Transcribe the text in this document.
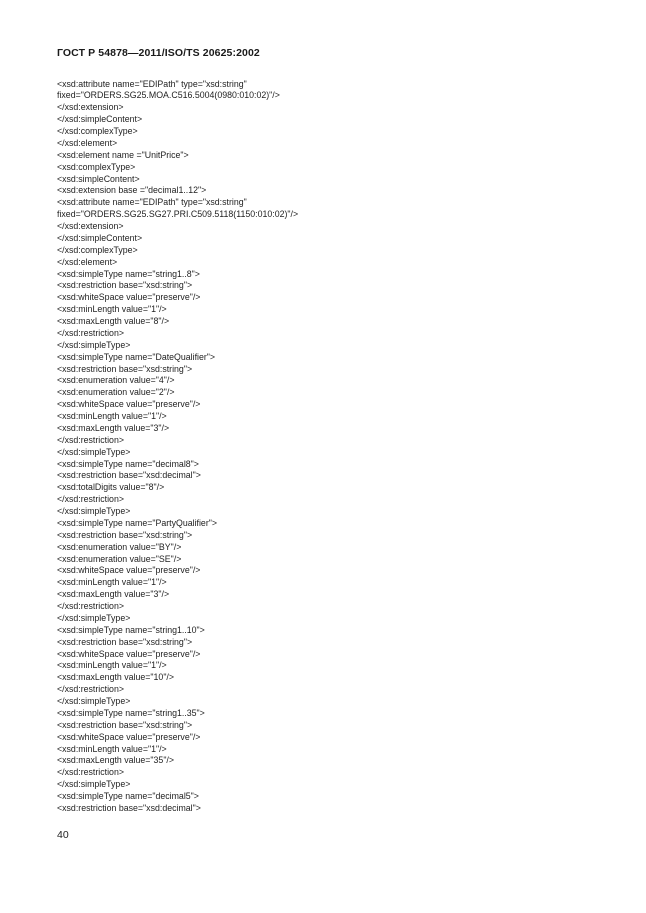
ГОСТ Р 54878—2011/ISO/TS 20625:2002
<xsd:attribute name="EDIPath" type="xsd:string"
fixed="ORDERS.SG25.MOA.C516.5004(0980:010:02)"/>
</xsd:extension>
</xsd:simpleContent>
</xsd:complexType>
</xsd:element>
<xsd:element name ="UnitPrice">
<xsd:complexType>
<xsd:simpleContent>
<xsd:extension base ="decimal1..12">
<xsd:attribute name="EDIPath" type="xsd:string"
fixed="ORDERS.SG25.SG27.PRI.C509.5118(1150:010:02)"/>
</xsd:extension>
</xsd:simpleContent>
</xsd:complexType>
</xsd:element>
<xsd:simpleType name="string1..8">
<xsd:restriction base="xsd:string">
<xsd:whiteSpace value="preserve"/>
<xsd:minLength value="1"/>
<xsd:maxLength value="8"/>
</xsd:restriction>
</xsd:simpleType>
<xsd:simpleType name="DateQualifier">
<xsd:restriction base="xsd:string">
<xsd:enumeration value="4"/>
<xsd:enumeration value="2"/>
<xsd:whiteSpace value="preserve"/>
<xsd:minLength value="1"/>
<xsd:maxLength value="3"/>
</xsd:restriction>
</xsd:simpleType>
<xsd:simpleType name="decimal8">
<xsd:restriction base="xsd:decimal">
<xsd:totalDigits value="8"/>
</xsd:restriction>
</xsd:simpleType>
<xsd:simpleType name="PartyQualifier">
<xsd:restriction base="xsd:string">
<xsd:enumeration value="BY"/>
<xsd:enumeration value="SE"/>
<xsd:whiteSpace value="preserve"/>
<xsd:minLength value="1"/>
<xsd:maxLength value="3"/>
</xsd:restriction>
</xsd:simpleType>
<xsd:simpleType name="string1..10">
<xsd:restriction base="xsd:string">
<xsd:whiteSpace value="preserve"/>
<xsd:minLength value="1"/>
<xsd:maxLength value="10"/>
</xsd:restriction>
</xsd:simpleType>
<xsd:simpleType name="string1..35">
<xsd:restriction base="xsd:string">
<xsd:whiteSpace value="preserve"/>
<xsd:minLength value="1"/>
<xsd:maxLength value="35"/>
</xsd:restriction>
</xsd:simpleType>
<xsd:simpleType name="decimal5">
<xsd:restriction base="xsd:decimal">
40
